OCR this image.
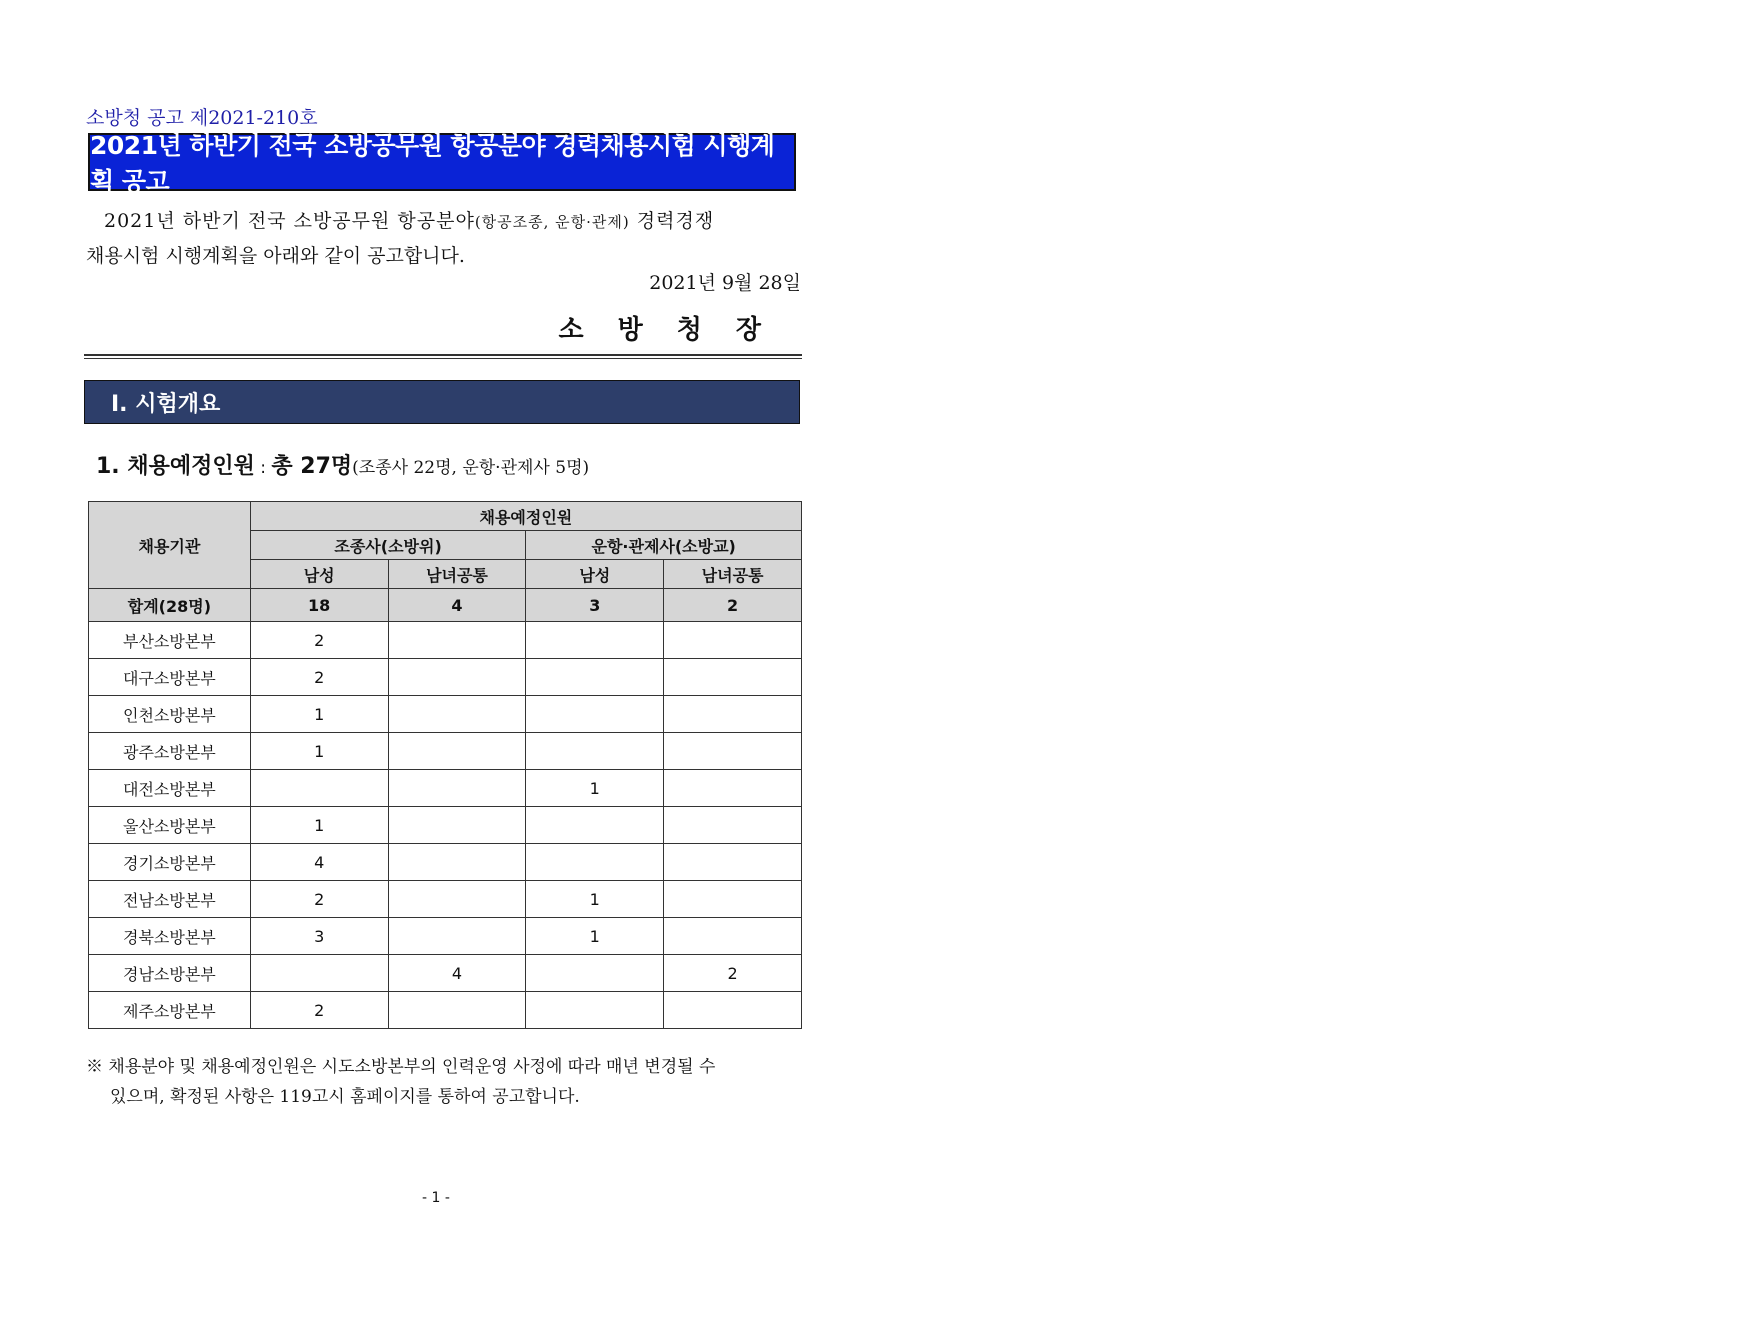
소방청 공고 제2021-210호
2021년 하반기 전국 소방공무원 항공분야 경력채용시험 시행계획 공고
2021년 하반기 전국 소방공무원 항공분야(항공조종, 운항·관제) 경력경쟁
채용시험 시행계획을 아래와 같이 공고합니다.
2021년 9월 28일
소방청장
Ⅰ. 시험개요
1. 채용예정인원 : 총 27명(조종사 22명, 운항·관제사 5명)
채용기관	채용예정인원			
	조종사(소방위)		운항·관제사(소방교)	
	남성	남녀공통	남성	남녀공통
합계(28명)	18	4	3	2
부산소방본부	2			
대구소방본부	2			
인천소방본부	1			
광주소방본부	1			
대전소방본부			1	
울산소방본부	1			
경기소방본부	4			
전남소방본부	2		1	
경북소방본부	3		1	
경남소방본부		4		2
제주소방본부	2			
※ 채용분야 및 채용예정인원은 시도소방본부의 인력운영 사정에 따라 매년 변경될 수
있으며, 확정된 사항은 119고시 홈페이지를 통하여 공고합니다.
- 1 -
